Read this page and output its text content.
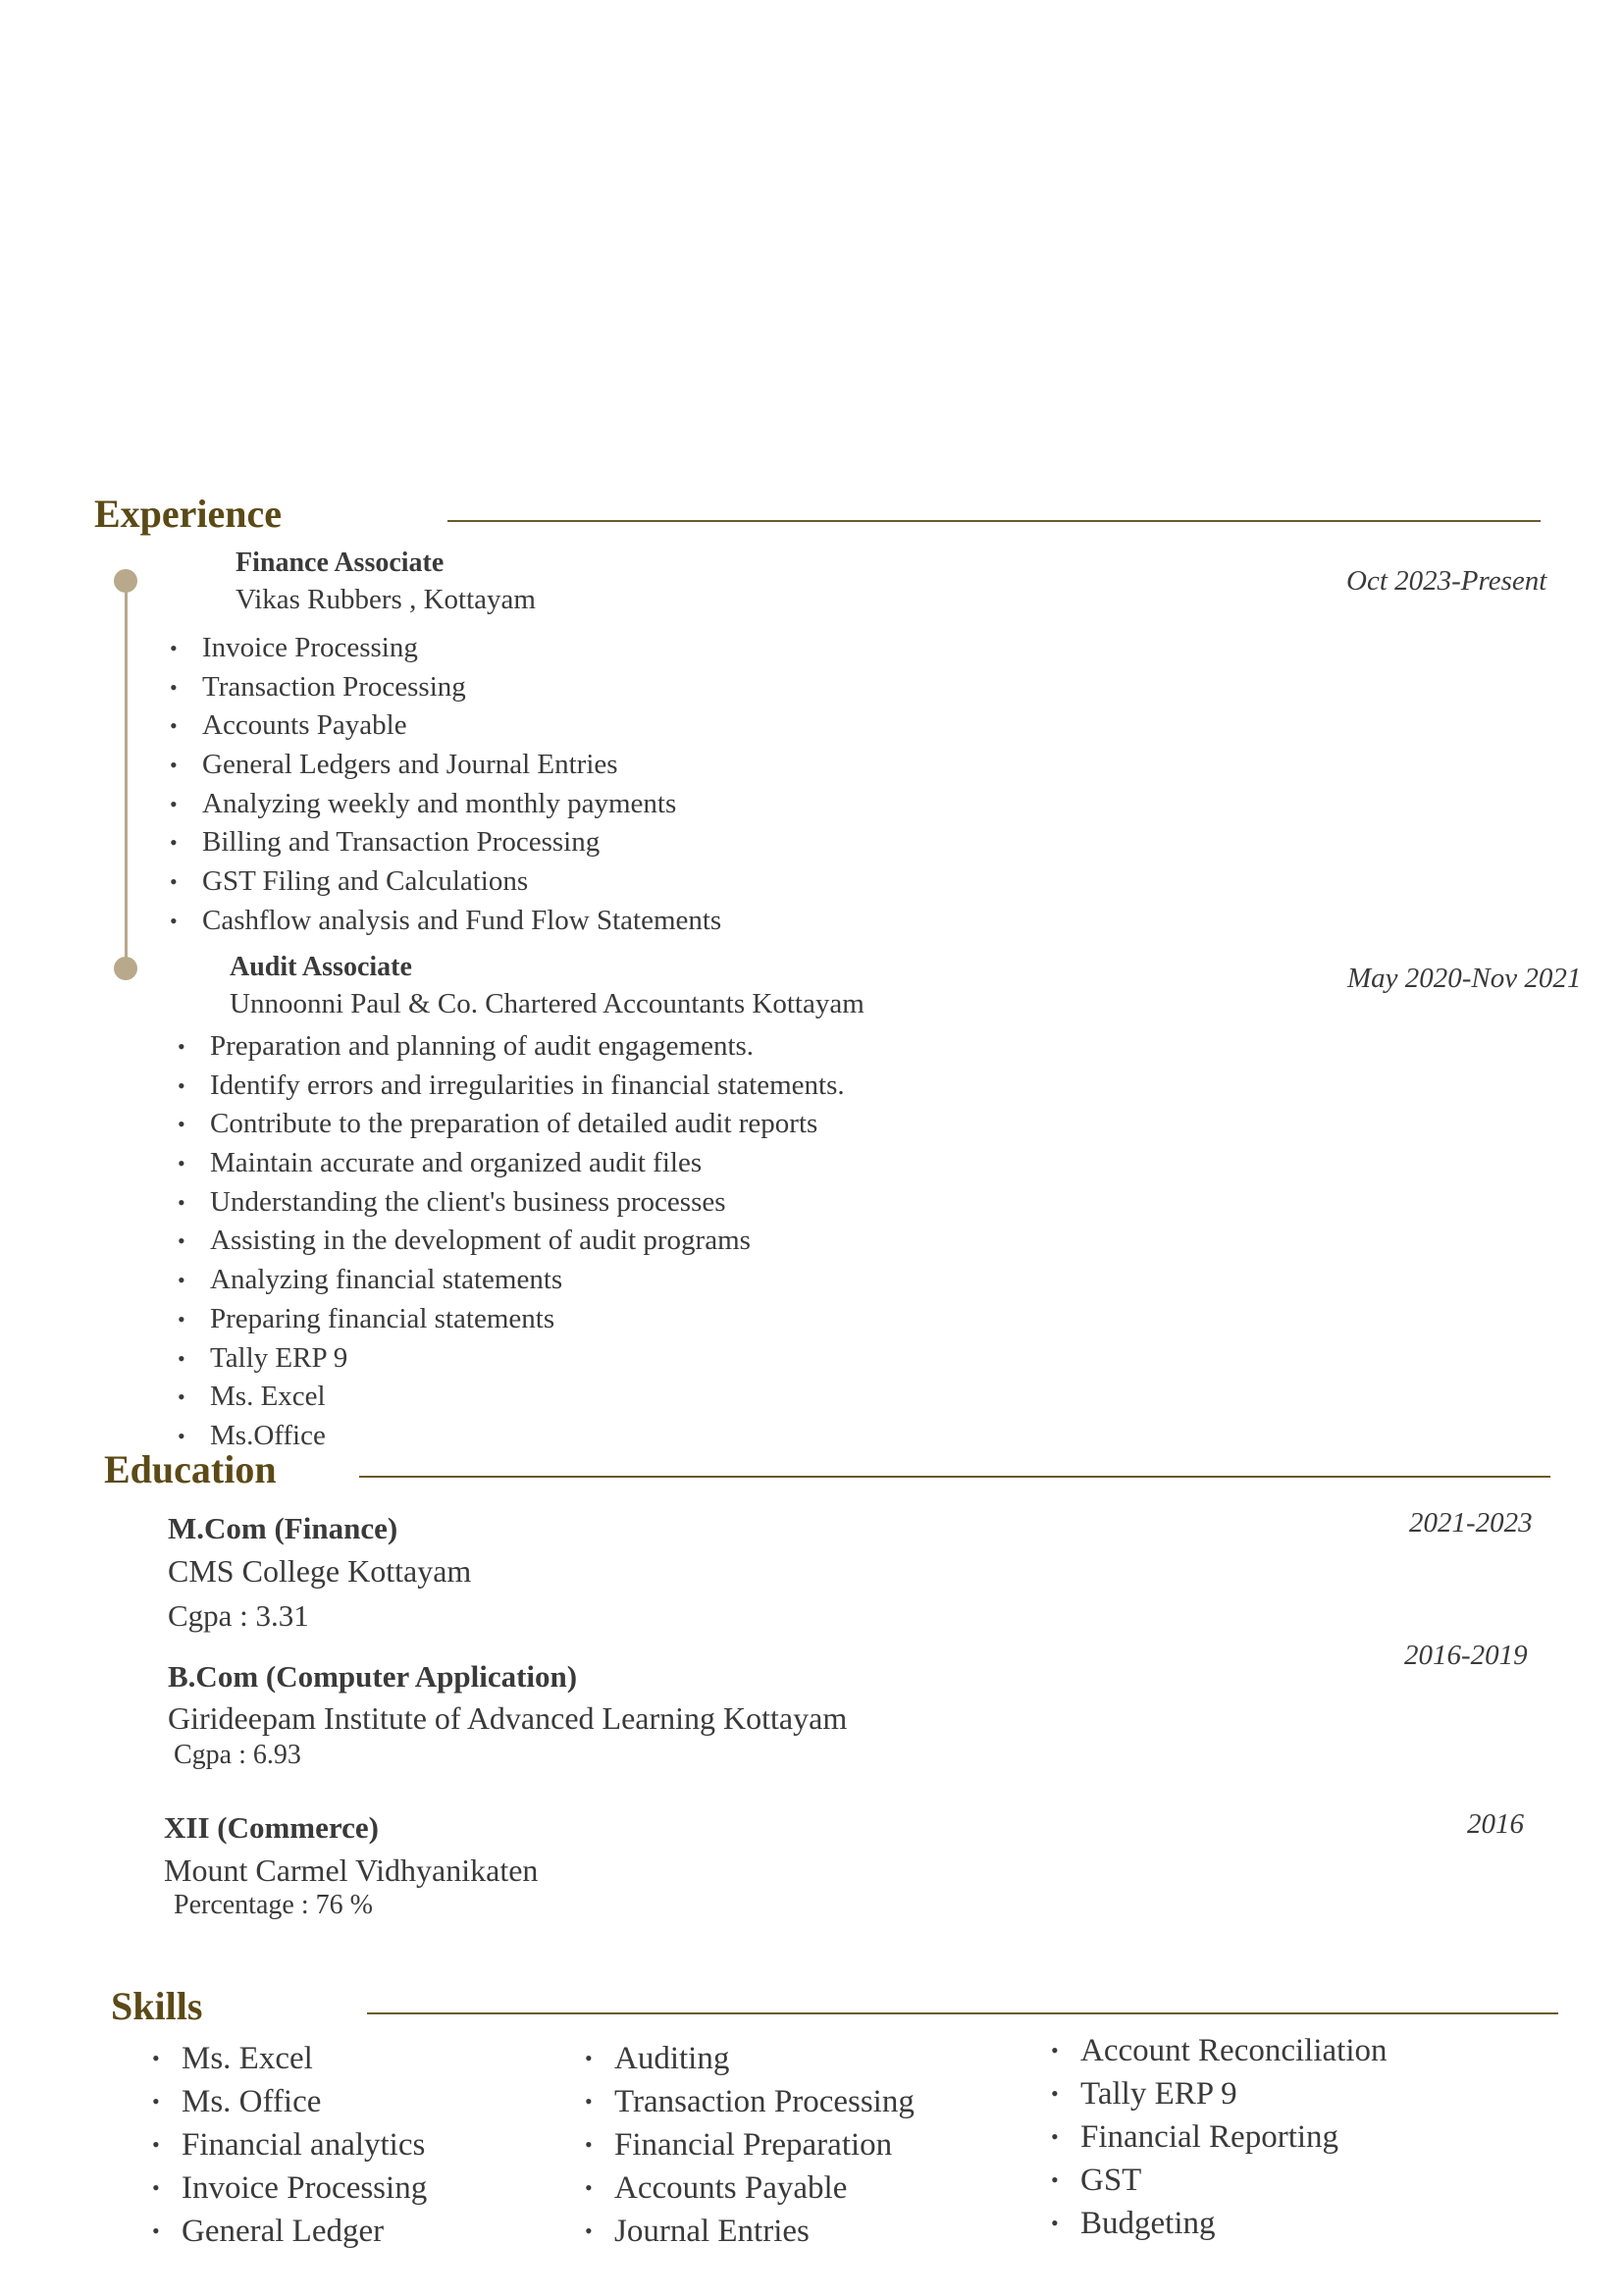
Experience
Finance Associate
Vikas Rubbers , Kottayam
Oct 2023-Present
• Invoice Processing
• Transaction Processing
• Accounts Payable
• General Ledgers and Journal Entries
• Analyzing weekly and monthly payments
• Billing and Transaction Processing
• GST Filing and Calculations
• Cashflow analysis and Fund Flow Statements
Audit Associate
Unnoonni Paul & Co. Chartered Accountants Kottayam
May 2020-Nov 2021
• Preparation and planning of audit engagements.
• Identify errors and irregularities in financial statements.
• Contribute to the preparation of detailed audit reports
• Maintain accurate and organized audit files
• Understanding the client's business processes
• Assisting in the development of audit programs
• Analyzing financial statements
• Preparing financial statements
• Tally ERP 9
• Ms. Excel
• Ms.Office
Education
M.Com (Finance)
CMS College Kottayam
Cgpa : 3.31
2021-2023
B.Com (Computer Application)
Girideepam Institute of Advanced Learning Kottayam
Cgpa : 6.93
2016-2019
XII (Commerce)
Mount Carmel Vidhyanikaten
Percentage : 76 %
2016
Skills
• Ms. Excel
• Ms. Office
• Financial analytics
• Invoice Processing
• General Ledger
• Auditing
• Transaction Processing
• Financial Preparation
• Accounts Payable
• Journal Entries
• Account Reconciliation
• Tally ERP 9
• Financial Reporting
• GST
• Budgeting
